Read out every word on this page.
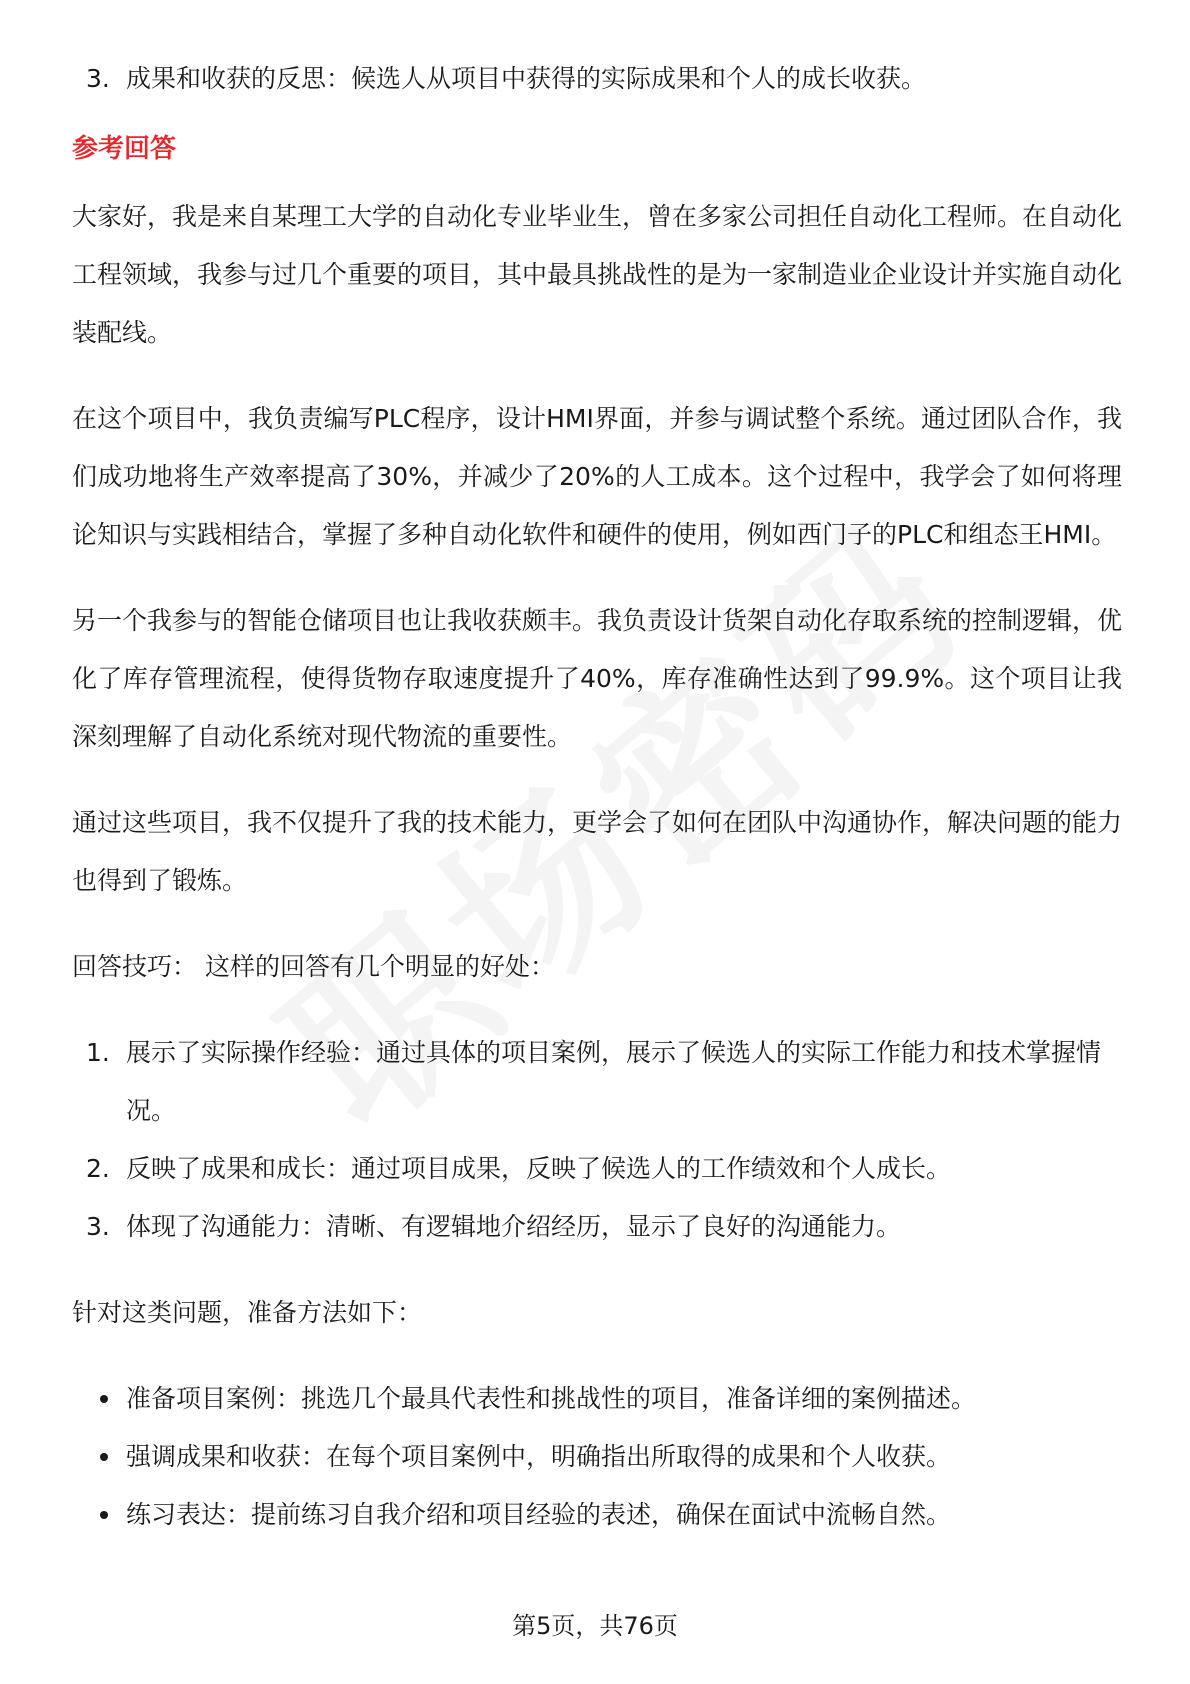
3. 成果和收获的反思：候选人从项目中获得的实际成果和个人的成长收获。
参考回答

大家好，我是来自某理工大学的自动化专业毕业生，曾在多家公司担任自动化工程师。在自动化工程领域，我参与过几个重要的项目，其中最具挑战性的是为一家制造业企业设计并实施自动化装配线。

在这个项目中，我负责编写PLC程序，设计HMI界面，并参与调试整个系统。通过团队合作，我们成功地将生产效率提高了30%，并减少了20%的人工成本。这个过程中，我学会了如何将理论知识与实践相结合，掌握了多种自动化软件和硬件的使用，例如西门子的PLC和组态王HMI。

另一个我参与的智能仓储项目也让我收获颇丰。我负责设计货架自动化存取系统的控制逻辑，优化了库存管理流程，使得货物存取速度提升了40%，库存准确性达到了99.9%。这个项目让我深刻理解了自动化系统对现代物流的重要性。

通过这些项目，我不仅提升了我的技术能力，更学会了如何在团队中沟通协作，解决问题的能力也得到了锻炼。

回答技巧： 这样的回答有几个明显的好处：

1. 展示了实际操作经验：通过具体的项目案例，展示了候选人的实际工作能力和技术掌握情况。
2. 反映了成果和成长：通过项目成果，反映了候选人的工作绩效和个人成长。
3. 体现了沟通能力：清晰、有逻辑地介绍经历，显示了良好的沟通能力。

针对这类问题，准备方法如下：

准备项目案例：挑选几个最具代表性和挑战性的项目，准备详细的案例描述。
强调成果和收获：在每个项目案例中，明确指出所取得的成果和个人收获。
练习表达：提前练习自我介绍和项目经验的表述，确保在面试中流畅自然。
第5页，共76页
